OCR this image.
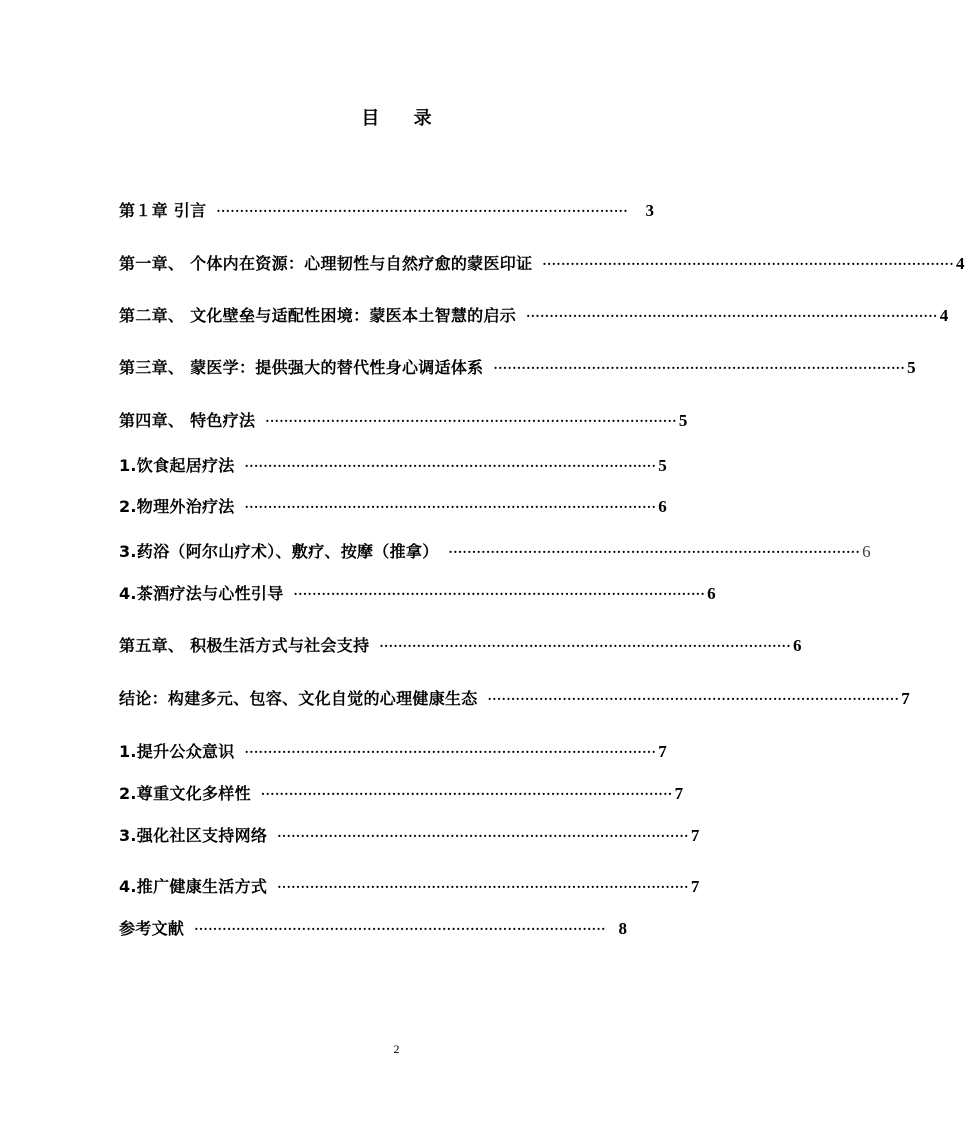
目 录
第１章 引言 ························································································	3
第一章、 个体内在资源：心理韧性与自然疗愈的蒙医印证 ························································································ 4
第二章、 文化壁垒与适配性困境：蒙医本土智慧的启示 ························································································ 4
第三章、 蒙医学：提供强大的替代性身心调适体系 ························································································ 5
第四章、 特色疗法 ························································································ 5
1.饮食起居疗法 ························································································ 5
2.物理外治疗法 ························································································ 6
3.药浴（阿尔山疗术）、敷疗、按摩（推拿） ························································································ 6
4.茶酒疗法与心性引导 ························································································ 6
第五章、 积极生活方式与社会支持 ························································································ 6
结论：构建多元、包容、文化自觉的心理健康生态 ························································································ 7
1.提升公众意识 ························································································ 7
2.尊重文化多样性 ························································································ 7
3.强化社区支持网络 ························································································ 7
4.推广健康生活方式 ························································································ 7
参考文献 ························································································ 8
2
